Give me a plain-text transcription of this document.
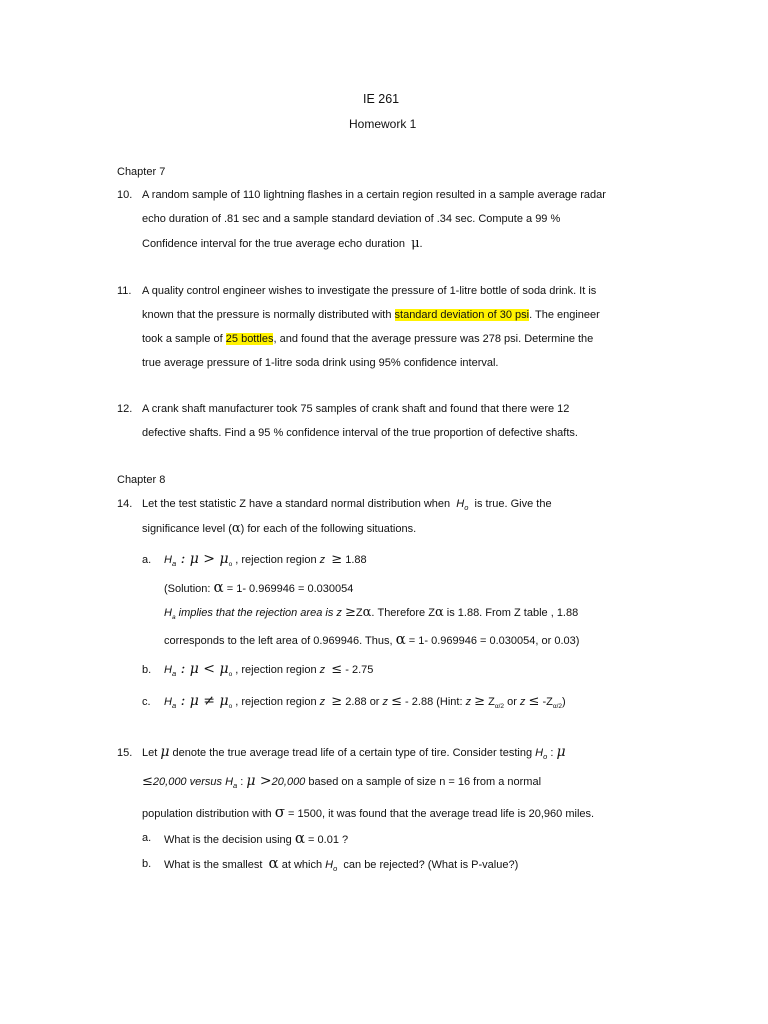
IE 261
Homework 1
Chapter 7
10. A random sample of 110 lightning flashes in a certain region resulted in a sample average radar
echo duration of .81 sec and a sample standard deviation of .34 sec. Compute a 99 %
Confidence interval for the true average echo duration μ.
11. A quality control engineer wishes to investigate the pressure of 1-litre bottle of soda drink. It is
known that the pressure is normally distributed with standard deviation of 30 psi. The engineer
took a sample of 25 bottles, and found that the average pressure was 278 psi. Determine the
true average pressure of 1-litre soda drink using 95% confidence interval.
12. A crank shaft manufacturer took 75 samples of crank shaft and found that there were 12
defective shafts. Find a 95 % confidence interval of the true proportion of defective shafts.
Chapter 8
14. Let the test statistic Z have a standard normal distribution when  $H_o$  is true. Give the
significance level (α) for each of the following situations.
a. $H_a$ : $\mu > \mu_o$ , rejection region z ≥ 1.88
(Solution: α = 1- 0.969946 = 0.030054
$H_a$ implies that the rejection area is z ≥Zα. Therefore Zα is 1.88. From Z table , 1.88
corresponds to the left area of 0.969946. Thus, α = 1- 0.969946 = 0.030054, or 0.03)
b. $H_a$ : $\mu < \mu_o$ , rejection region z ≤ - 2.75
c. $H_a$ : $\mu \ne \mu_o$ , rejection region z ≥ 2.88 or z ≤ - 2.88 (Hint: $z \ge Z_{\alpha/2}$ or $z \le -Z_{\alpha/2}$)
15. Let μ denote the true average tread life of a certain type of tire. Consider testing $H_o$ : μ
≤20,000 versus $H_a$ : μ >20,000 based on a sample of size n = 16 from a normal
population distribution with σ = 1500, it was found that the average tread life is 20,960 miles.
a. What is the decision using α = 0.01 ?
b. What is the smallest  α at which $H_o$  can be rejected? (What is P-value?)
